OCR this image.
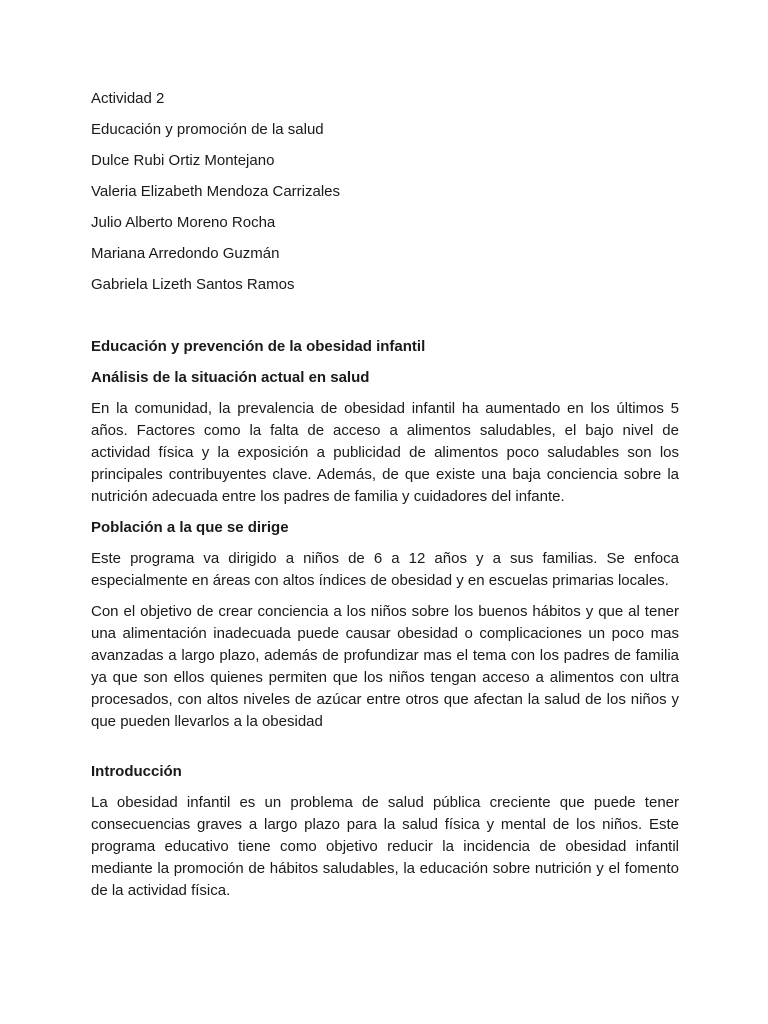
Actividad 2

Educación y promoción de la salud

Dulce Rubi Ortiz Montejano

Valeria Elizabeth Mendoza Carrizales

Julio Alberto Moreno Rocha

Mariana Arredondo Guzmán

Gabriela Lizeth Santos Ramos

Educación y prevención de la obesidad infantil

Análisis de la situación actual en salud

En la comunidad, la prevalencia de obesidad infantil ha aumentado en los últimos 5 años. Factores como la falta de acceso a alimentos saludables, el bajo nivel de actividad física y la exposición a publicidad de alimentos poco saludables son los principales contribuyentes clave. Además, de que existe una baja conciencia sobre la nutrición adecuada entre los padres de familia y cuidadores del infante.

Población a la que se dirige

Este programa va dirigido a niños de 6 a 12 años y a sus familias. Se enfoca especialmente en áreas con altos índices de obesidad y en escuelas primarias locales.

Con el objetivo de crear conciencia a los niños sobre los buenos hábitos y que al tener una alimentación inadecuada puede causar obesidad o complicaciones un poco mas avanzadas a largo plazo, además de profundizar mas el tema con los padres de familia ya que son ellos quienes permiten que los niños tengan acceso a alimentos con ultra procesados, con altos niveles de azúcar entre otros que afectan la salud de los niños y que pueden llevarlos a la obesidad

Introducción

La obesidad infantil es un problema de salud pública creciente que puede tener consecuencias graves a largo plazo para la salud física y mental de los niños. Este programa educativo tiene como objetivo reducir la incidencia de obesidad infantil mediante la promoción de hábitos saludables, la educación sobre nutrición y el fomento de la actividad física.
